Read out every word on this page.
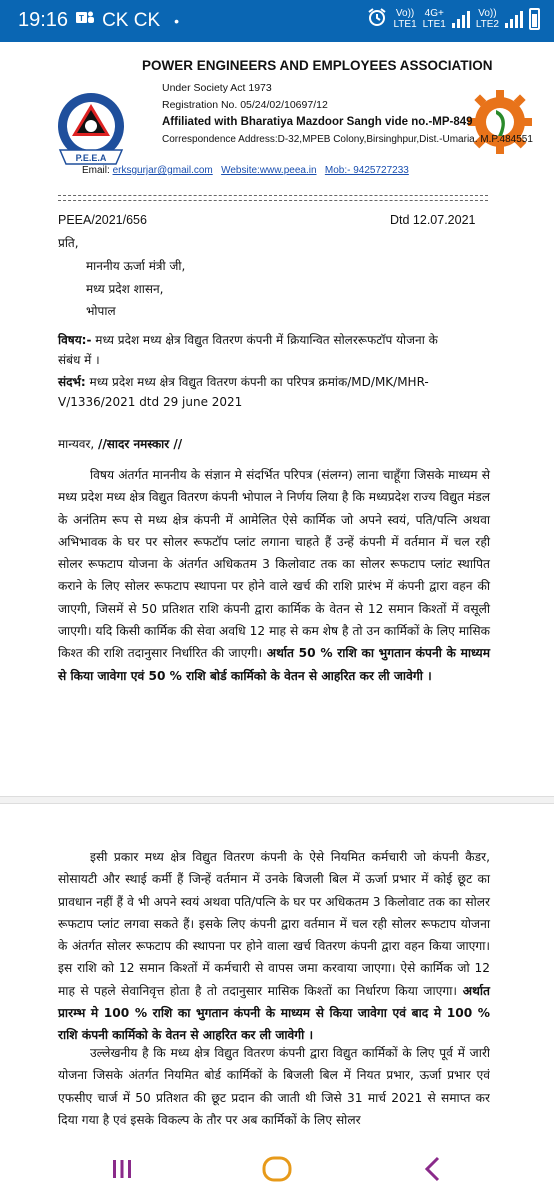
19:16 T CK CK •	Vo))
LTE1
4G+
LTE1
Vo))
LTE2
P.E.E.A
POWER ENGINEERS AND EMPLOYEES ASSOCIATION
Under Society Act 1973
Registration No. 05/24/02/10697/12
Affiliated with Bharatiya Mazdoor Sangh vide no.-MP-849
Correspondence Address:D-32,MPEB Colony,Birsinghpur,Dist.-Umaria. M.P.484551
Email: erksgurjar@gmail.com Website:www.peea.in Mob:- 9425727233
PEEA/2021/656	Dtd 12.07.2021
प्रति,
माननीय ऊर्जा मंत्री जी,
मध्य प्रदेश शासन,
भोपाल
विषय:- मध्य प्रदेश मध्य क्षेत्र विद्युत वितरण कंपनी में क्रियान्वित सोलररूफटॉप योजना के
संबंध में ।
संदर्भ: मध्य प्रदेश मध्य क्षेत्र विद्युत वितरण कंपनी का परिपत्र क्रमांक/MD/MK/MHR-
V/1336/2021 dtd 29 june 2021
मान्यवर, //सादर नमस्कार //
विषय अंतर्गत माननीय के संज्ञान मे संदर्भित परिपत्र (संलग्न) लाना चाहूँगा जिसके माध्यम से मध्य प्रदेश मध्य क्षेत्र विद्युत वितरण कंपनी भोपाल ने निर्णय लिया है कि मध्यप्रदेश राज्य विद्युत मंडल के अनंतिम रूप से मध्य क्षेत्र कंपनी में आमेलित ऐसे कार्मिक जो अपने स्वयं, पति/पत्नि अथवा अभिभावक के घर पर सोलर रूफटॉप प्लांट लगाना चाहते हैं उन्हें कंपनी में वर्तमान में चल रही सोलर रूफटाप योजना के अंतर्गत अधिकतम 3 किलोवाट तक का सोलर रूफटाप प्लांट स्थापित कराने के लिए सोलर रूफटाप स्थापना पर होने वाले खर्च की राशि प्रारंभ में कंपनी द्वारा वहन की जाएगी, जिसमें से 50 प्रतिशत राशि कंपनी द्वारा कार्मिक के वेतन से 12 समान किश्तों में वसूली जाएगी। यदि किसी कार्मिक की सेवा अवधि 12 माह से कम शेष है तो उन कार्मिकों के लिए मासिक किश्त की राशि तदानुसार निर्धारित की जाएगी। अर्थात 50 % राशि का भुगतान कंपनी के माध्यम से किया जावेगा एवं 50 % राशि बोर्ड कार्मिको के वेतन से आहरित कर ली जावेगी ।
इसी प्रकार मध्य क्षेत्र विद्युत वितरण कंपनी के ऐसे नियमित कर्मचारी जो कंपनी कैडर, सोसायटी और स्थाई कर्मी हैं जिन्हें वर्तमान में उनके बिजली बिल में ऊर्जा प्रभार में कोई छूट का प्रावधान नहीं हैं वे भी अपने स्वयं अथवा पति/पत्नि के घर पर अधिकतम 3 किलोवाट तक का सोलर रूफटाप प्लांट लगवा सकते हैं। इसके लिए कंपनी द्वारा वर्तमान में चल रही सोलर रूफटाप योजना के अंतर्गत सोलर रूफटाप की स्थापना पर होने वाला खर्च वितरण कंपनी द्वारा वहन किया जाएगा। इस राशि को 12 समान किश्तों में कर्मचारी से वापस जमा करवाया जाएगा। ऐसे कार्मिक जो 12 माह से पहले सेवानिवृत्त होता है तो तदानुसार मासिक किश्तों का निर्धारण किया जाएगा। अर्थात प्रारम्भ मे 100 % राशि का भुगतान कंपनी के माध्यम से किया जावेगा एवं बाद मे 100 % राशि कंपनी कार्मिको के वेतन से आहरित कर ली जावेगी ।
उल्लेखनीय है कि मध्य क्षेत्र विद्युत वितरण कंपनी द्वारा विद्युत कार्मिकों के लिए पूर्व में जारी योजना जिसके अंतर्गत नियमित बोर्ड कार्मिकों के बिजली बिल में नियत प्रभार, ऊर्जा प्रभार एवं एफसीए चार्ज में 50 प्रतिशत की छूट प्रदान की जाती थी जिसे 31 मार्च 2021 से समाप्त कर दिया गया है एवं इसके विकल्प के तौर पर अब कार्मिकों के लिए सोलर
